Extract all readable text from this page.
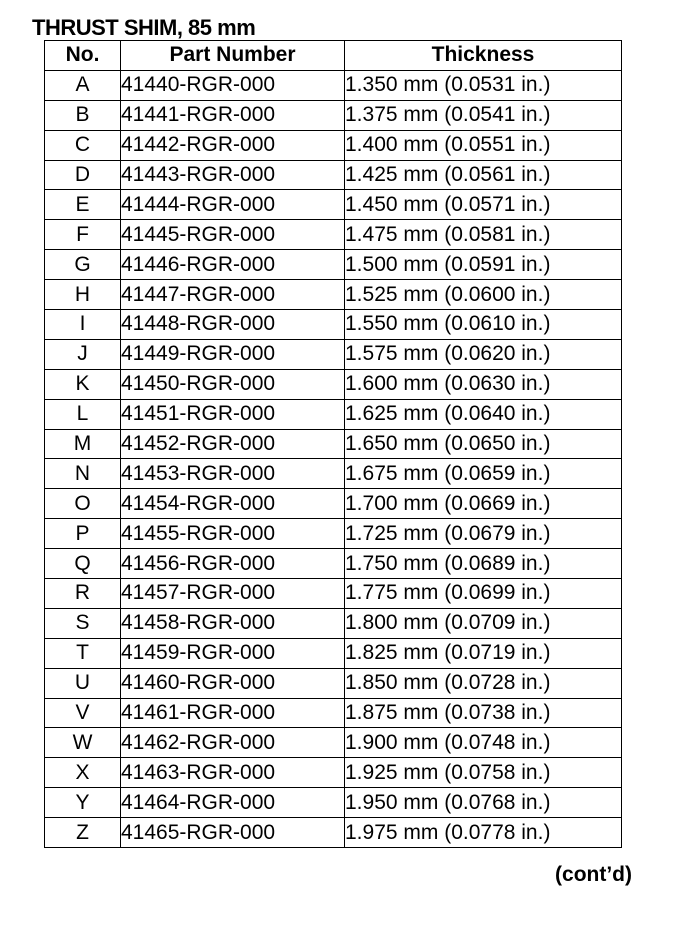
THRUST SHIM, 85 mm
No.	Part Number	Thickness
A	41440-RGR-000	1.350 mm (0.0531 in.)
B	41441-RGR-000	1.375 mm (0.0541 in.)
C	41442-RGR-000	1.400 mm (0.0551 in.)
D	41443-RGR-000	1.425 mm (0.0561 in.)
E	41444-RGR-000	1.450 mm (0.0571 in.)
F	41445-RGR-000	1.475 mm (0.0581 in.)
G	41446-RGR-000	1.500 mm (0.0591 in.)
H	41447-RGR-000	1.525 mm (0.0600 in.)
I	41448-RGR-000	1.550 mm (0.0610 in.)
J	41449-RGR-000	1.575 mm (0.0620 in.)
K	41450-RGR-000	1.600 mm (0.0630 in.)
L	41451-RGR-000	1.625 mm (0.0640 in.)
M	41452-RGR-000	1.650 mm (0.0650 in.)
N	41453-RGR-000	1.675 mm (0.0659 in.)
O	41454-RGR-000	1.700 mm (0.0669 in.)
P	41455-RGR-000	1.725 mm (0.0679 in.)
Q	41456-RGR-000	1.750 mm (0.0689 in.)
R	41457-RGR-000	1.775 mm (0.0699 in.)
S	41458-RGR-000	1.800 mm (0.0709 in.)
T	41459-RGR-000	1.825 mm (0.0719 in.)
U	41460-RGR-000	1.850 mm (0.0728 in.)
V	41461-RGR-000	1.875 mm (0.0738 in.)
W	41462-RGR-000	1.900 mm (0.0748 in.)
X	41463-RGR-000	1.925 mm (0.0758 in.)
Y	41464-RGR-000	1.950 mm (0.0768 in.)
Z	41465-RGR-000	1.975 mm (0.0778 in.)
(cont’d)
